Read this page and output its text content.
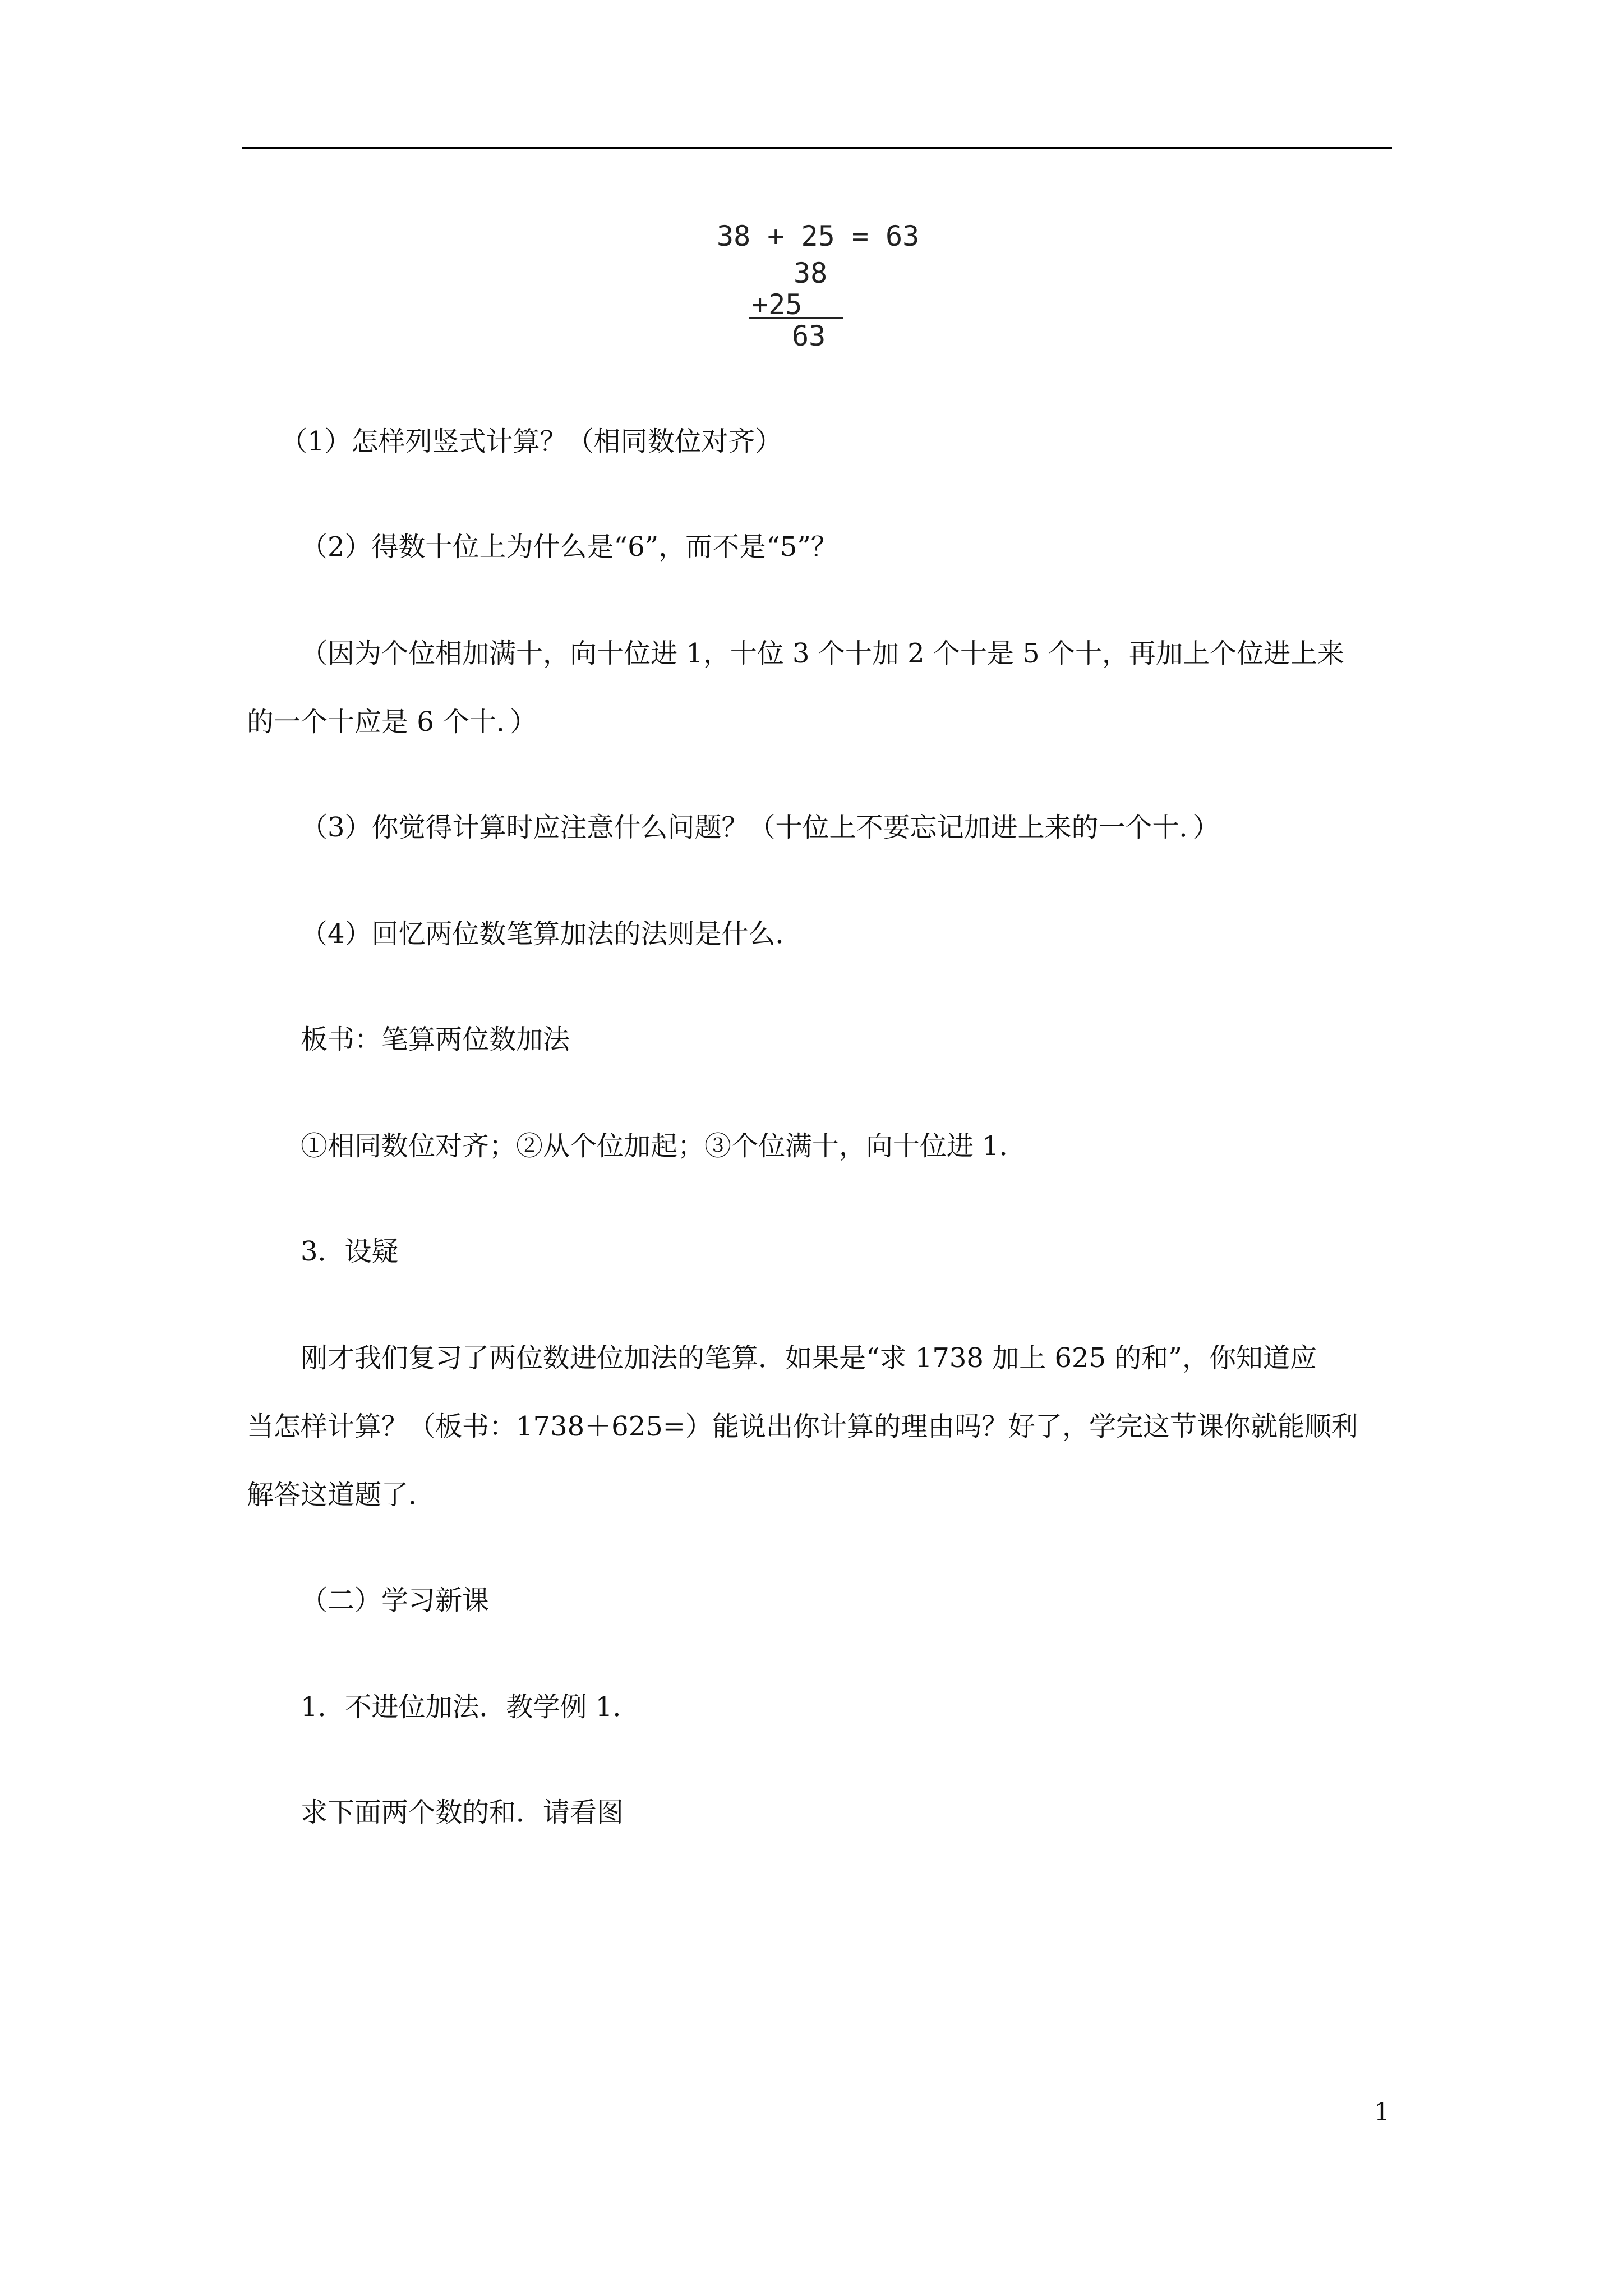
38 + 25 = 63
38
+25
63
（1）怎样列竖式计算？（相同数位对齐）
（2）得数十位上为什么是“6”，而不是“5”？
（因为个位相加满十，向十位进 1，十位 3 个十加 2 个十是 5 个十，再加上个位进上来
的一个十应是 6 个十．）
（3）你觉得计算时应注意什么问题？（十位上不要忘记加进上来的一个十．）
（4）回忆两位数笔算加法的法则是什么．
板书：笔算两位数加法
①相同数位对齐；②从个位加起；③个位满十，向十位进 1．
3．设疑
刚才我们复习了两位数进位加法的笔算．如果是“求 1738 加上 625 的和”，你知道应
当怎样计算？（板书：1738＋625=）能说出你计算的理由吗？好了，学完这节课你就能顺利
解答这道题了．
（二）学习新课
1．不进位加法．教学例 1．
求下面两个数的和．请看图
1
